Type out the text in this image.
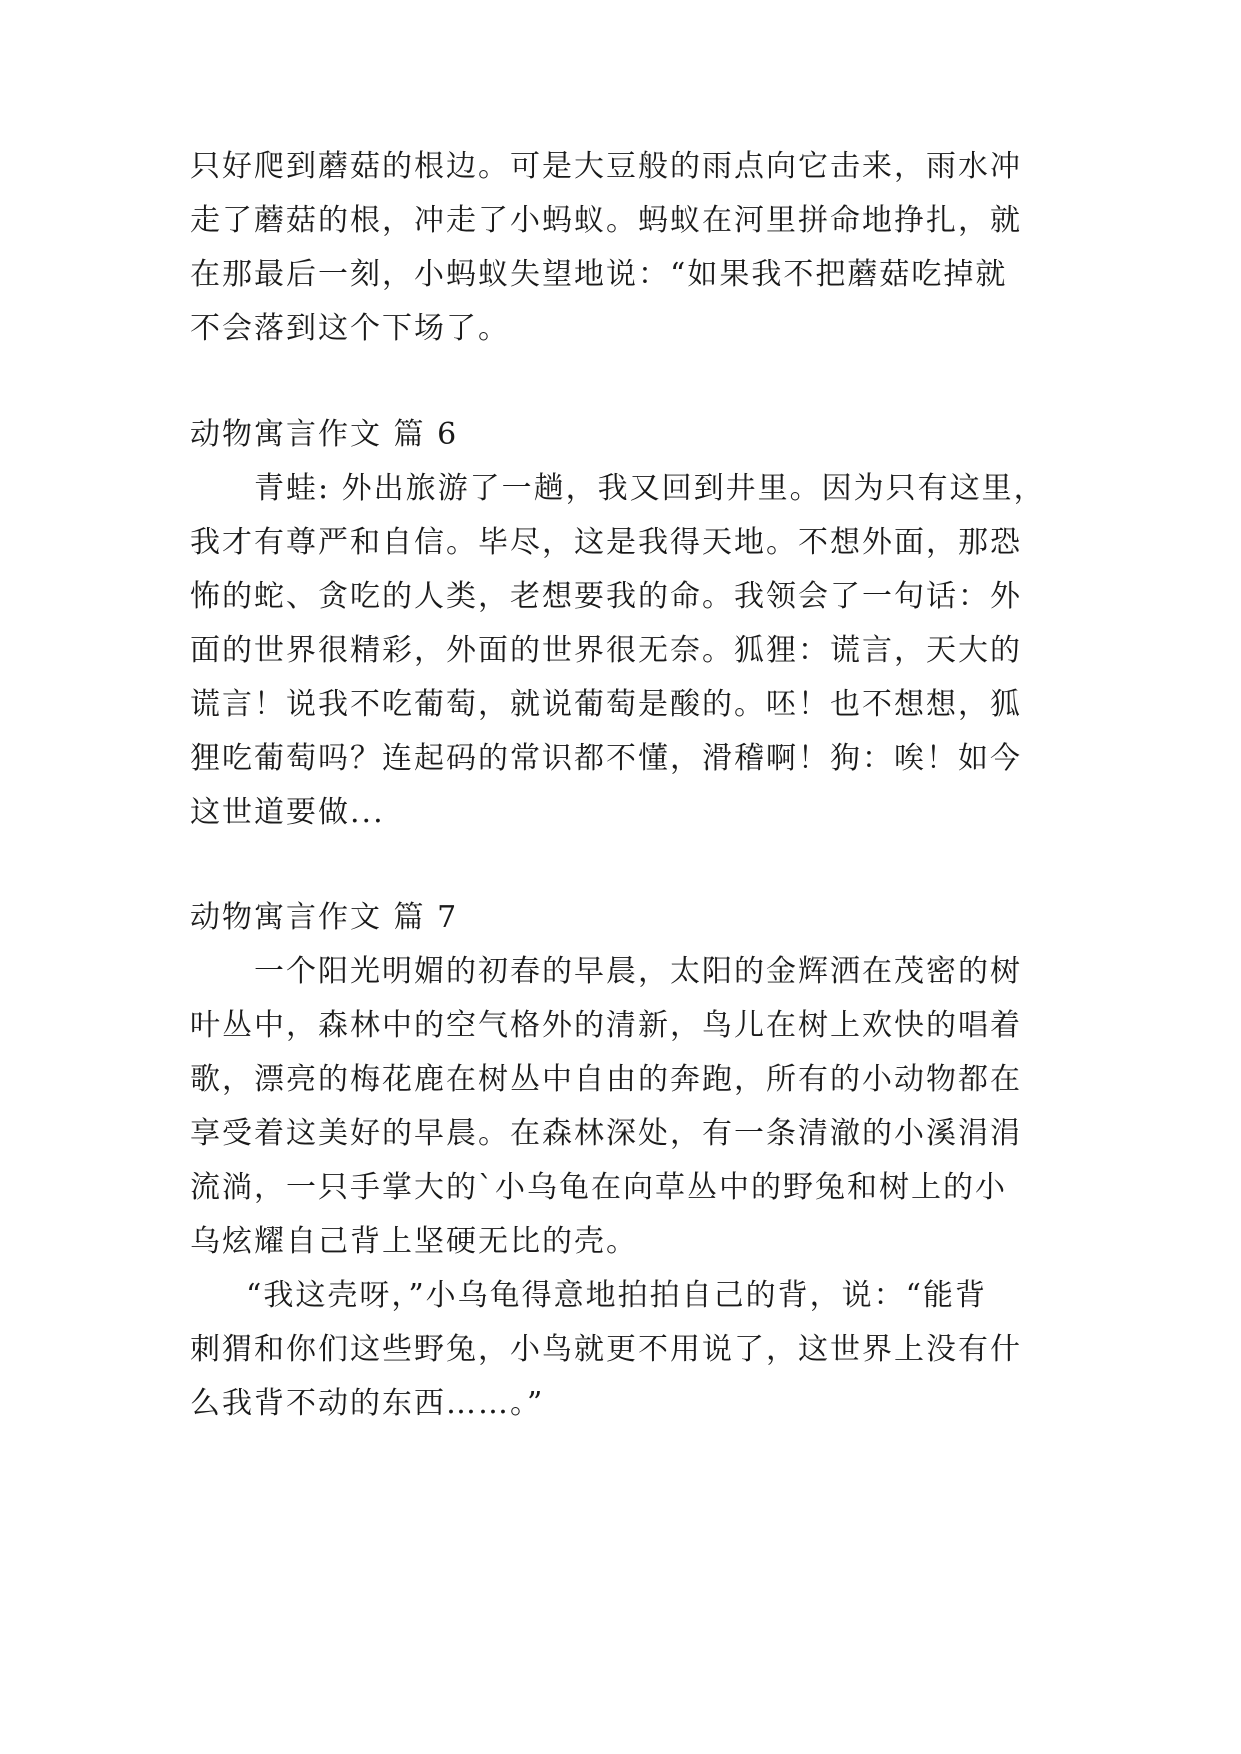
只好爬到蘑菇的根边。可是大豆般的雨点向它击来，雨水冲
走了蘑菇的根，冲走了小蚂蚁。蚂蚁在河里拼命地挣扎，就
在那最后一刻，小蚂蚁失望地说：“如果我不把蘑菇吃掉就
不会落到这个下场了。
动物寓言作文 篇 6
青蛙: 外出旅游了一趟，我又回到井里。因为只有这里，
我才有尊严和自信。毕尽，这是我得天地。不想外面，那恐
怖的蛇、贪吃的人类，老想要我的命。我领会了一句话：外
面的世界很精彩，外面的世界很无奈。狐狸：谎言，天大的
谎言！说我不吃葡萄，就说葡萄是酸的。呸！也不想想，狐
狸吃葡萄吗？连起码的常识都不懂，滑稽啊！狗：唉！如今
这世道要做...
动物寓言作文 篇 7
一个阳光明媚的初春的早晨，太阳的金辉洒在茂密的树
叶丛中，森林中的空气格外的清新，鸟儿在树上欢快的唱着
歌，漂亮的梅花鹿在树丛中自由的奔跑，所有的小动物都在
享受着这美好的早晨。在森林深处，有一条清澈的小溪涓涓
流淌，一只手掌大的`小乌龟在向草丛中的野兔和树上的小
乌炫耀自己背上坚硬无比的壳。
“我这壳呀，”小乌龟得意地拍拍自己的背，说：“能背
刺猬和你们这些野兔，小鸟就更不用说了，这世界上没有什
么我背不动的东西……。”
